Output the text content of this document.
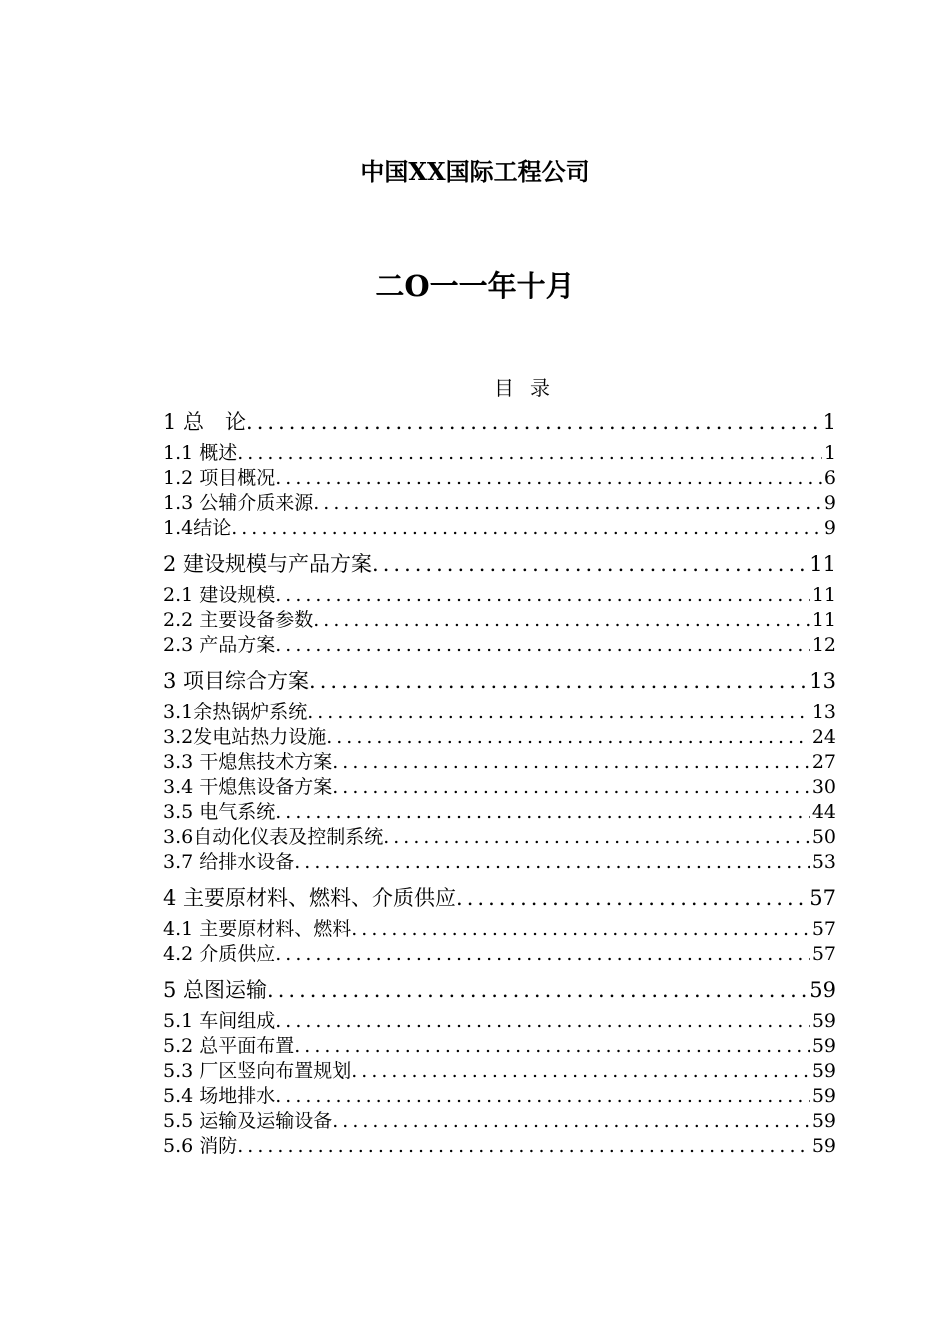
中国XX国际工程公司
二O一一年十月
目录
1 总　论 .....	1
1.1 概述 .....	1
1.2 项目概况 .....	6
1.3 公辅介质来源 .....	9
1.4结论 .....	9
2 建设规模与产品方案 .....	11
2.1 建设规模 .....	11
2.2 主要设备参数 .....	11
2.3 产品方案 .....	12
3 项目综合方案 .....	13
3.1余热锅炉系统 .....	13
3.2发电站热力设施 .....	24
3.3 干熄焦技术方案 .....	27
3.4 干熄焦设备方案 .....	30
3.5 电气系统 .....	44
3.6自动化仪表及控制系统 .....	50
3.7 给排水设备 .....	53
4 主要原材料、燃料、介质供应 .....	57
4.1 主要原材料、燃料 .....	57
4.2 介质供应 .....	57
5 总图运输 .....	59
5.1 车间组成 .....	59
5.2 总平面布置 .....	59
5.3 厂区竖向布置规划 .....	59
5.4 场地排水 .....	59
5.5 运输及运输设备 .....	59
5.6 消防 .....	59
